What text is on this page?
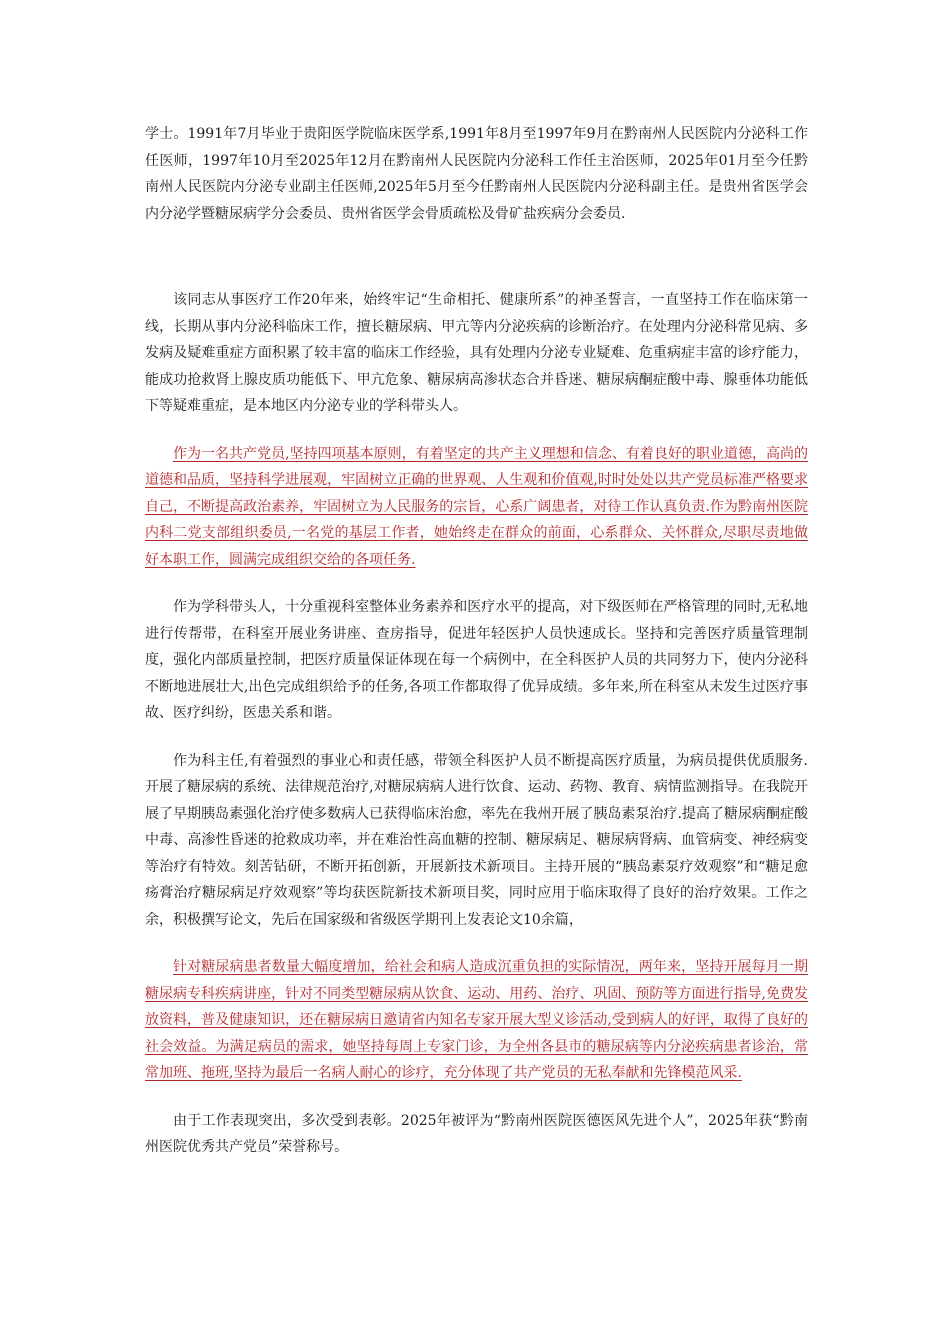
学士。1991年7月毕业于贵阳医学院临床医学系,1991年8月至1997年9月在黔南州人民医院内分泌科工作任医师，1997年10月至2025年12月在黔南州人民医院内分泌科工作任主治医师，2025年01月至今任黔南州人民医院内分泌专业副主任医师,2025年5月至今任黔南州人民医院内分泌科副主任。是贵州省医学会内分泌学暨糖尿病学分会委员、贵州省医学会骨质疏松及骨矿盐疾病分会委员.

该同志从事医疗工作20年来，始终牢记“生命相托、健康所系”的神圣誓言，一直坚持工作在临床第一线，长期从事内分泌科临床工作，擅长糖尿病、甲亢等内分泌疾病的诊断治疗。在处理内分泌科常见病、多发病及疑难重症方面积累了较丰富的临床工作经验，具有处理内分泌专业疑难、危重病症丰富的诊疗能力，能成功抢救肾上腺皮质功能低下、甲亢危象、糖尿病高渗状态合并昏迷、糖尿病酮症酸中毒、腺垂体功能低下等疑难重症，是本地区内分泌专业的学科带头人。

作为一名共产党员,坚持四项基本原则，有着坚定的共产主义理想和信念、有着良好的职业道德，高尚的道德和品质，坚持科学进展观，牢固树立正确的世界观、人生观和价值观,时时处处以共产党员标准严格要求自己，不断提高政治素养，牢固树立为人民服务的宗旨，心系广阔患者，对待工作认真负责.作为黔南州医院内科二党支部组织委员,一名党的基层工作者，她始终走在群众的前面，心系群众、关怀群众,尽职尽责地做好本职工作，圆满完成组织交给的各项任务.

作为学科带头人，十分重视科室整体业务素养和医疗水平的提高，对下级医师在严格管理的同时,无私地进行传帮带，在科室开展业务讲座、查房指导，促进年轻医护人员快速成长。坚持和完善医疗质量管理制度，强化内部质量控制，把医疗质量保证体现在每一个病例中，在全科医护人员的共同努力下，使内分泌科不断地进展壮大,出色完成组织给予的任务,各项工作都取得了优异成绩。多年来,所在科室从未发生过医疗事故、医疗纠纷，医患关系和谐。

作为科主任,有着强烈的事业心和责任感，带领全科医护人员不断提高医疗质量，为病员提供优质服务.开展了糖尿病的系统、法律规范治疗,对糖尿病病人进行饮食、运动、药物、教育、病情监测指导。在我院开展了早期胰岛素强化治疗使多数病人已获得临床治愈，率先在我州开展了胰岛素泵治疗.提高了糖尿病酮症酸中毒、高渗性昏迷的抢救成功率，并在难治性高血糖的控制、糖尿病足、糖尿病肾病、血管病变、神经病变等治疗有特效。刻苦钻研，不断开拓创新，开展新技术新项目。主持开展的“胰岛素泵疗效观察”和“糖足愈疡膏治疗糖尿病足疗效观察”等均获医院新技术新项目奖，同时应用于临床取得了良好的治疗效果。工作之余，积极撰写论文，先后在国家级和省级医学期刊上发表论文10余篇，

针对糖尿病患者数量大幅度增加，给社会和病人造成沉重负担的实际情况，两年来，坚持开展每月一期糖尿病专科疾病讲座，针对不同类型糖尿病从饮食、运动、用药、治疗、巩固、预防等方面进行指导,免费发放资料，普及健康知识，还在糖尿病日邀请省内知名专家开展大型义诊活动,受到病人的好评，取得了良好的社会效益。为满足病员的需求，她坚持每周上专家门诊，为全州各县市的糖尿病等内分泌疾病患者诊治，常常加班、拖班,坚持为最后一名病人耐心的诊疗，充分体现了共产党员的无私奉献和先锋模范风采.

由于工作表现突出，多次受到表彰。2025年被评为“黔南州医院医德医风先进个人”，2025年获“黔南州医院优秀共产党员”荣誉称号。
